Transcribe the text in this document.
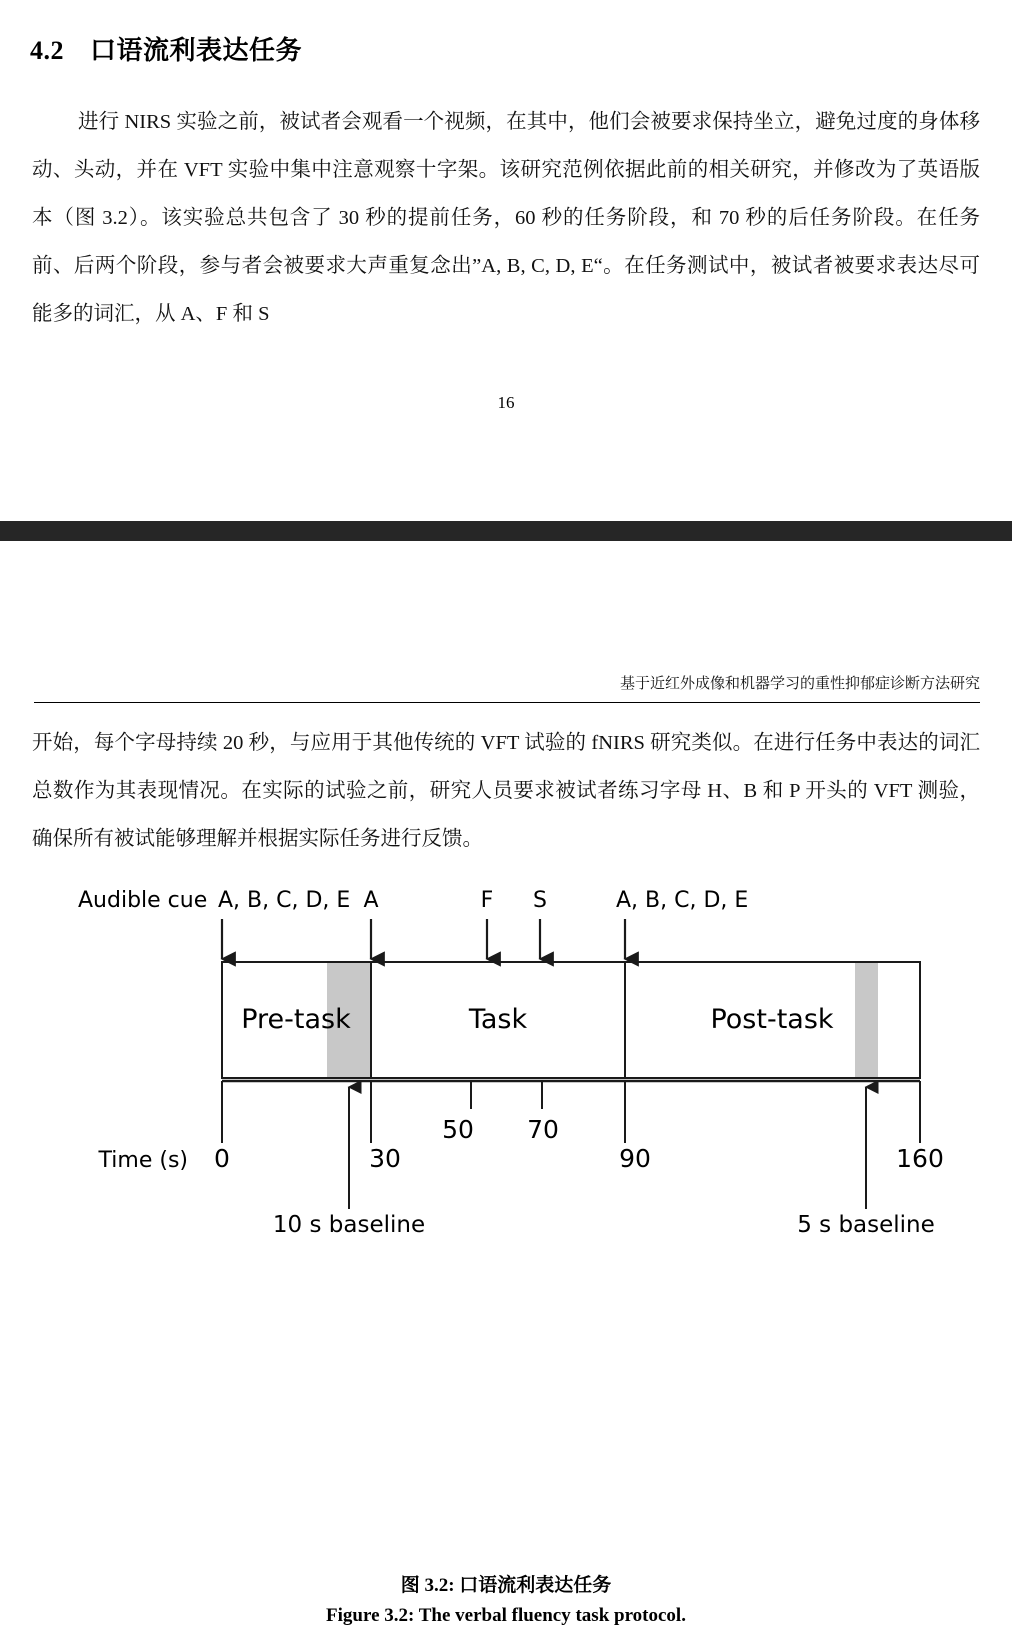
4.2 口语流利表达任务
进行 NIRS 实验之前，被试者会观看一个视频，在其中，他们会被要求保持坐立，避免过度的身体移动、头动，并在 VFT 实验中集中注意观察十字架。该研究范例依据此前的相关研究，并修改为了英语版本（图 3.2）。该实验总共包含了 30 秒的提前任务，60 秒的任务阶段，和 70 秒的后任务阶段。在任务前、后两个阶段，参与者会被要求大声重复念出”A, B, C, D, E“。在任务测试中，被试者被要求表达尽可能多的词汇，从 A、F 和 S
16
基于近红外成像和机器学习的重性抑郁症诊断方法研究
开始，每个字母持续 20 秒，与应用于其他传统的 VFT 试验的 fNIRS 研究类似。在进行任务中表达的词汇总数作为其表现情况。在实际的试验之前，研究人员要求被试者练习字母 H、B 和 P 开头的 VFT 测验，确保所有被试能够理解并根据实际任务进行反馈。
Audible cue A, B, C, D, E A	F S	A, B, C, D, E
Pre-task	Task	Post-task
0	30
50 70
90	160
Time (s)
10 s baseline	5 s baseline
图 3.2: 口语流利表达任务
Figure 3.2: The verbal fluency task protocol.
